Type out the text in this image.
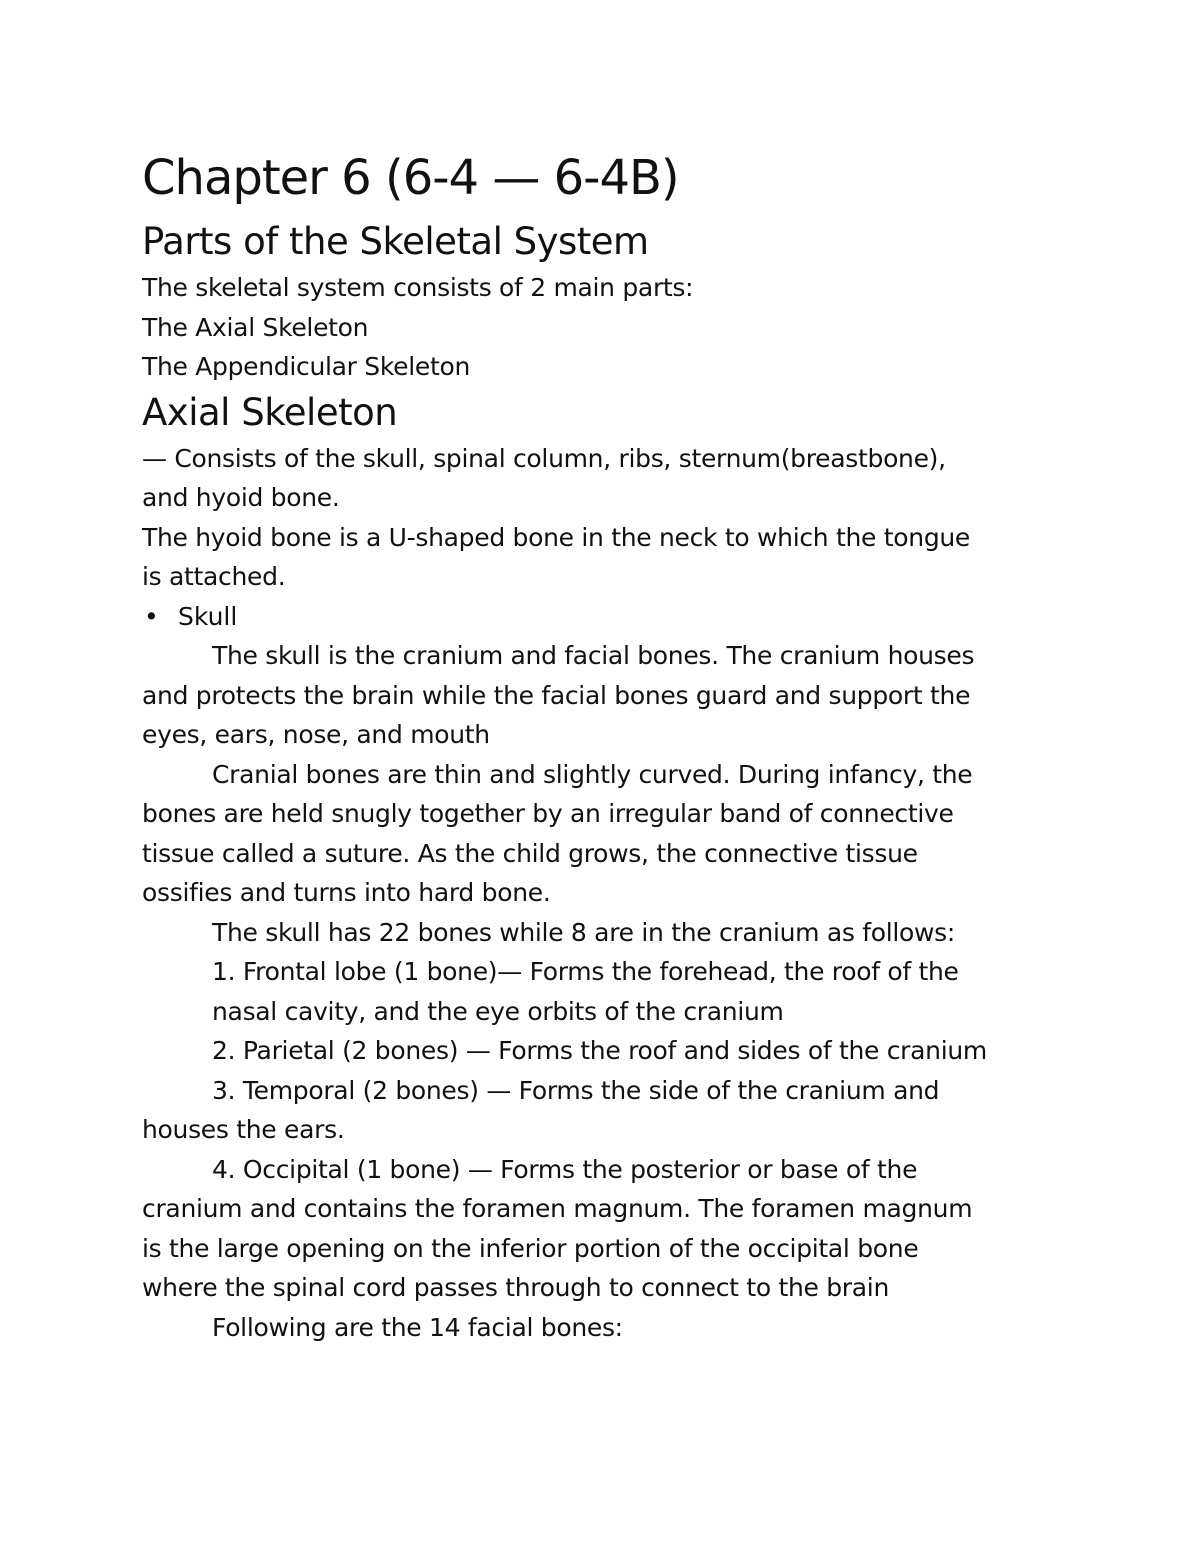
Chapter 6 (6-4 — 6-4B)
Parts of the Skeletal System

The skeletal system consists of 2 main parts:

The Axial Skeleton

The Appendicular Skeleton

Axial Skeleton

— Consists of the skull, spinal column, ribs, sternum(breastbone),

and hyoid bone.

The hyoid bone is a U-shaped bone in the neck to which the tongue

is attached.

• Skull

The skull is the cranium and facial bones. The cranium houses

and protects the brain while the facial bones guard and support the

eyes, ears, nose, and mouth

Cranial bones are thin and slightly curved. During infancy, the

bones are held snugly together by an irregular band of connective

tissue called a suture. As the child grows, the connective tissue

ossifies and turns into hard bone.

The skull has 22 bones while 8 are in the cranium as follows:

1. Frontal lobe (1 bone)— Forms the forehead, the roof of the

nasal cavity, and the eye orbits of the cranium

2. Parietal (2 bones) — Forms the roof and sides of the cranium

3. Temporal (2 bones) — Forms the side of the cranium and

houses the ears.

4. Occipital (1 bone) — Forms the posterior or base of the

cranium and contains the foramen magnum. The foramen magnum

is the large opening on the inferior portion of the occipital bone

where the spinal cord passes through to connect to the brain

Following are the 14 facial bones:
